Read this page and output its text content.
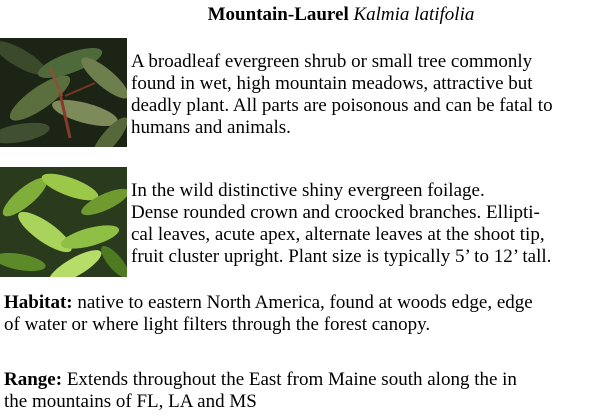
Mountain-Laurel Kalmia latifolia
A broadleaf evergreen shrub or small tree commonly
found in wet, high mountain meadows, attractive but
deadly plant. All parts are poisonous and can be fatal to
humans and animals.
In the wild distinctive shiny evergreen foilage.
Dense rounded crown and croocked branches. Ellipti-
cal leaves, acute apex, alternate leaves at the shoot tip,
fruit cluster upright. Plant size is typically 5’ to 12’ tall.
Habitat: native to eastern North America, found at woods edge, edge
of water or where light filters through the forest canopy.
Range: Extends throughout the East from Maine south along the in
the mountains of FL, LA and MS
